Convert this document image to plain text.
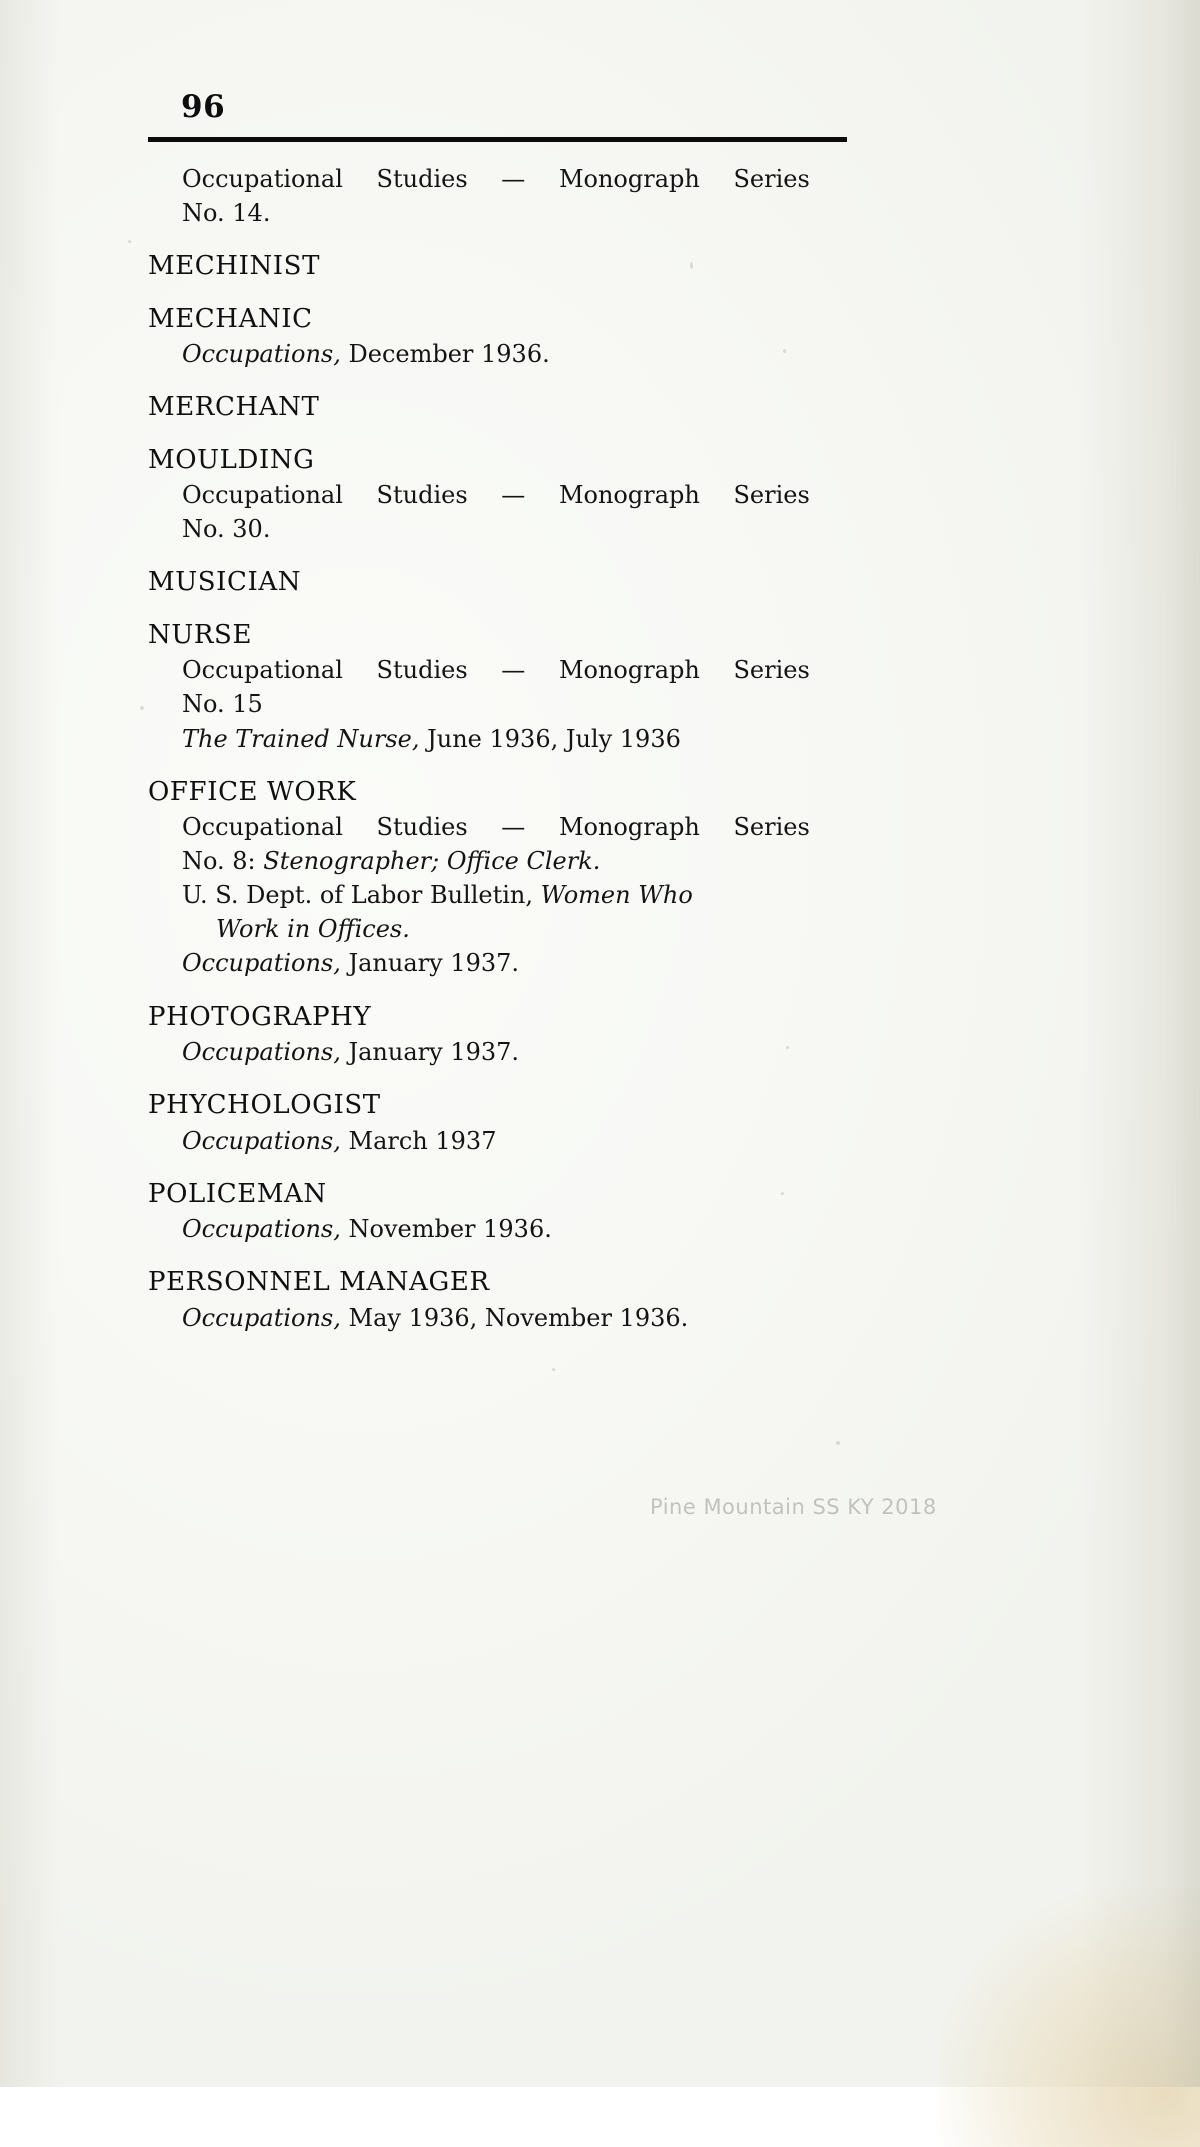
96
Occupational Studies — Monograph Series
No. 14.
MECHINIST
MECHANIC
Occupations, December 1936.
MERCHANT
MOULDING
Occupational Studies — Monograph Series
No. 30.
MUSICIAN
NURSE
Occupational Studies — Monograph Series
No. 15
The Trained Nurse, June 1936, July 1936
OFFICE WORK
Occupational Studies — Monograph Series
No. 8: Stenographer; Office Clerk.
U. S. Dept. of Labor Bulletin, Women Who
Work in Offices.
Occupations, January 1937.
PHOTOGRAPHY
Occupations, January 1937.
PHYCHOLOGIST
Occupations, March 1937
POLICEMAN
Occupations, November 1936.
PERSONNEL MANAGER
Occupations, May 1936, November 1936.
Pine Mountain SS KY 2018
